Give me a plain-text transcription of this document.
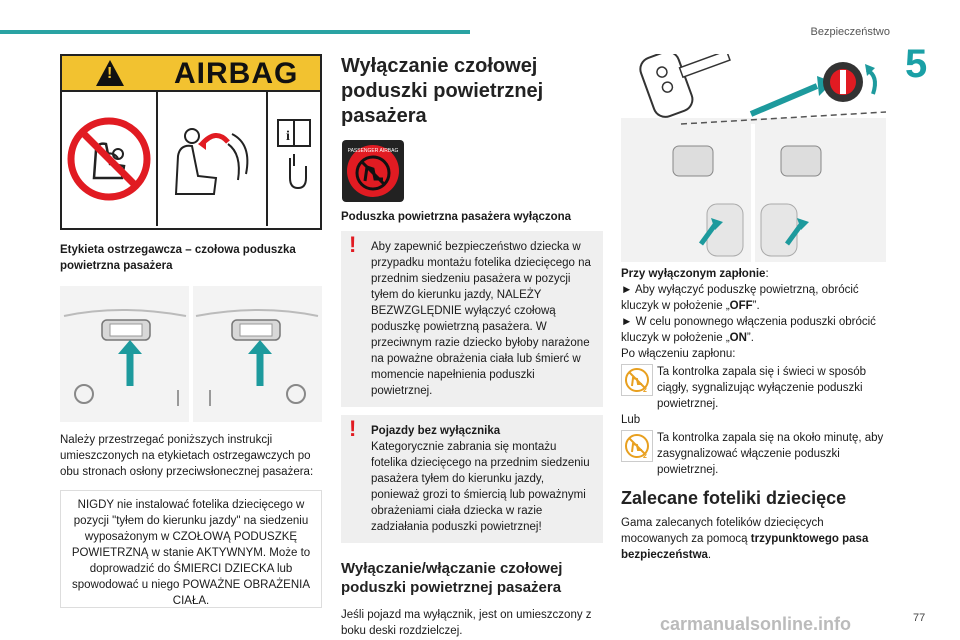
Bezpieczeństwo
5
77
! AIRBAG
i
Etykieta ostrzegawcza – czołowa poduszka powietrzna pasażera
Należy przestrzegać poniższych instrukcji umieszczonych na etykietach ostrzegawczych po obu stronach osłony przeciwsłonecznej pasażera:
NIGDY nie instalować fotelika dziecięcego w pozycji "tyłem do kierunku jazdy" na siedzeniu wyposażonym w CZOŁOWĄ PODUSZKĘ POWIETRZNĄ w stanie AKTYWNYM. Może to doprowadzić do ŚMIERCI DZIECKA lub spowodować u niego POWAŻNE OBRAŻENIA CIAŁA.
Wyłączanie czołowej poduszki powietrznej pasażera
PASSENGER AIRBAG
Poduszka powietrzna pasażera wyłączona
! Aby zapewnić bezpieczeństwo dziecka w przypadku montażu fotelika dziecięcego na przednim siedzeniu pasażera w pozycji tyłem do kierunku jazdy, NALEŻY BEZWZGLĘDNIE wyłączyć czołową poduszkę powietrzną pasażera. W przeciwnym razie dziecko byłoby narażone na poważne obrażenia ciała lub śmierć w momencie napełnienia poduszki powietrznej.
! Pojazdy bez wyłącznika
Kategorycznie zabrania się montażu fotelika dziecięcego na przednim siedzeniu pasażera tyłem do kierunku jazdy, ponieważ grozi to śmiercią lub poważnymi obrażeniami ciała dziecka w razie zadziałania poduszki powietrznej!
Wyłączanie/włączanie czołowej poduszki powietrznej pasażera
Jeśli pojazd ma wyłącznik, jest on umieszczony z boku deski rozdzielczej.
Przy wyłączonym zapłonie:
► Aby wyłączyć poduszkę powietrzną, obrócić kluczyk w położenie „OFF”.
► W celu ponownego włączenia poduszki obrócić kluczyk w położenie „ON”.
Po włączeniu zapłonu:
2
Ta kontrolka zapala się i świeci w sposób ciągły, sygnalizując wyłączenie poduszki powietrznej.
Lub
2
Ta kontrolka zapala się na około minutę, aby zasygnalizować włączenie poduszki powietrznej.
Zalecane foteliki dziecięce
Gama zalecanych fotelików dziecięcych mocowanych za pomocą trzypunktowego pasa bezpieczeństwa.
carmanualsonline.info
